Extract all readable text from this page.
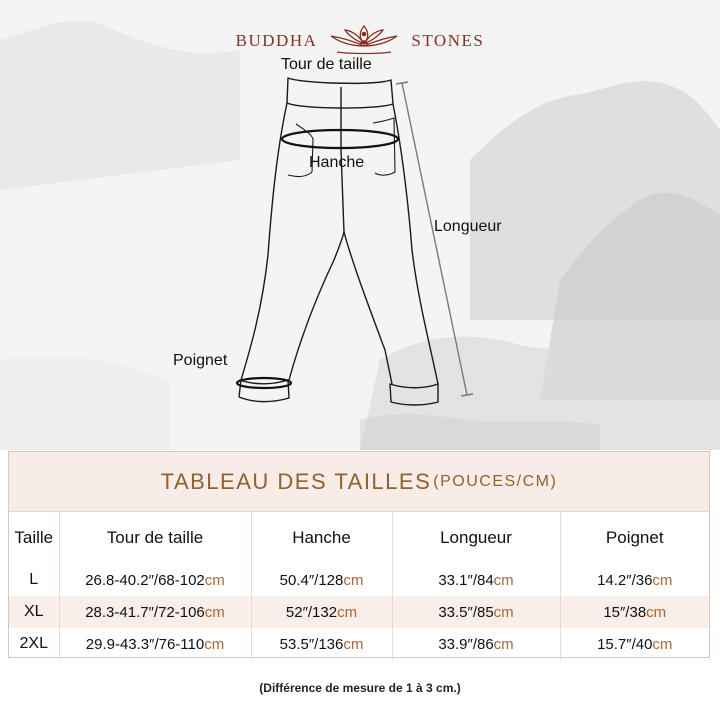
BUDDHA	STONES
Tour de taille
Hanche
Longueur
Poignet
TABLEAU DES TAILLES (POUCES/CM)
Taille	Tour de taille	Hanche	Longueur	Poignet
L	26.8-40.2″/68-102cm	50.4″/128cm	33.1″/84cm	14.2″/36cm
XL	28.3-41.7″/72-106cm	52″/132cm	33.5″/85cm	15″/38cm
2XL	29.9-43.3″/76-110cm	53.5″/136cm	33.9″/86cm	15.7″/40cm
(Différence de mesure de 1 à 3 cm.)
